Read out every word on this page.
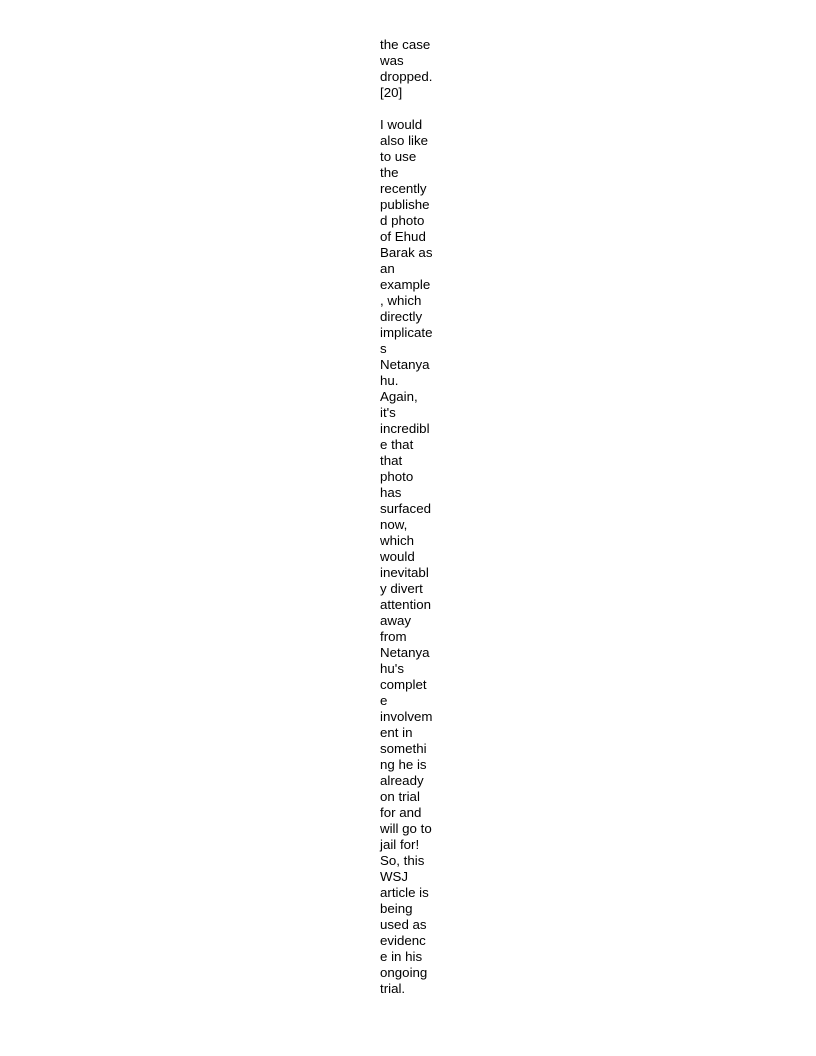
the case
was
dropped.
[20]
I would
also like
to use
the
recently
publishe
d photo
of Ehud
Barak as
an
example
, which
directly
implicate
s
Netanya
hu.
Again,
it's
incredibl
e that
that
photo
has
surfaced
now,
which
would
inevitabl
y divert
attention
away
from
Netanya
hu's
complet
e
involvem
ent in
somethi
ng he is
already
on trial
for and
will go to
jail for!
So, this
WSJ
article is
being
used as
evidenc
e in his
ongoing
trial.
